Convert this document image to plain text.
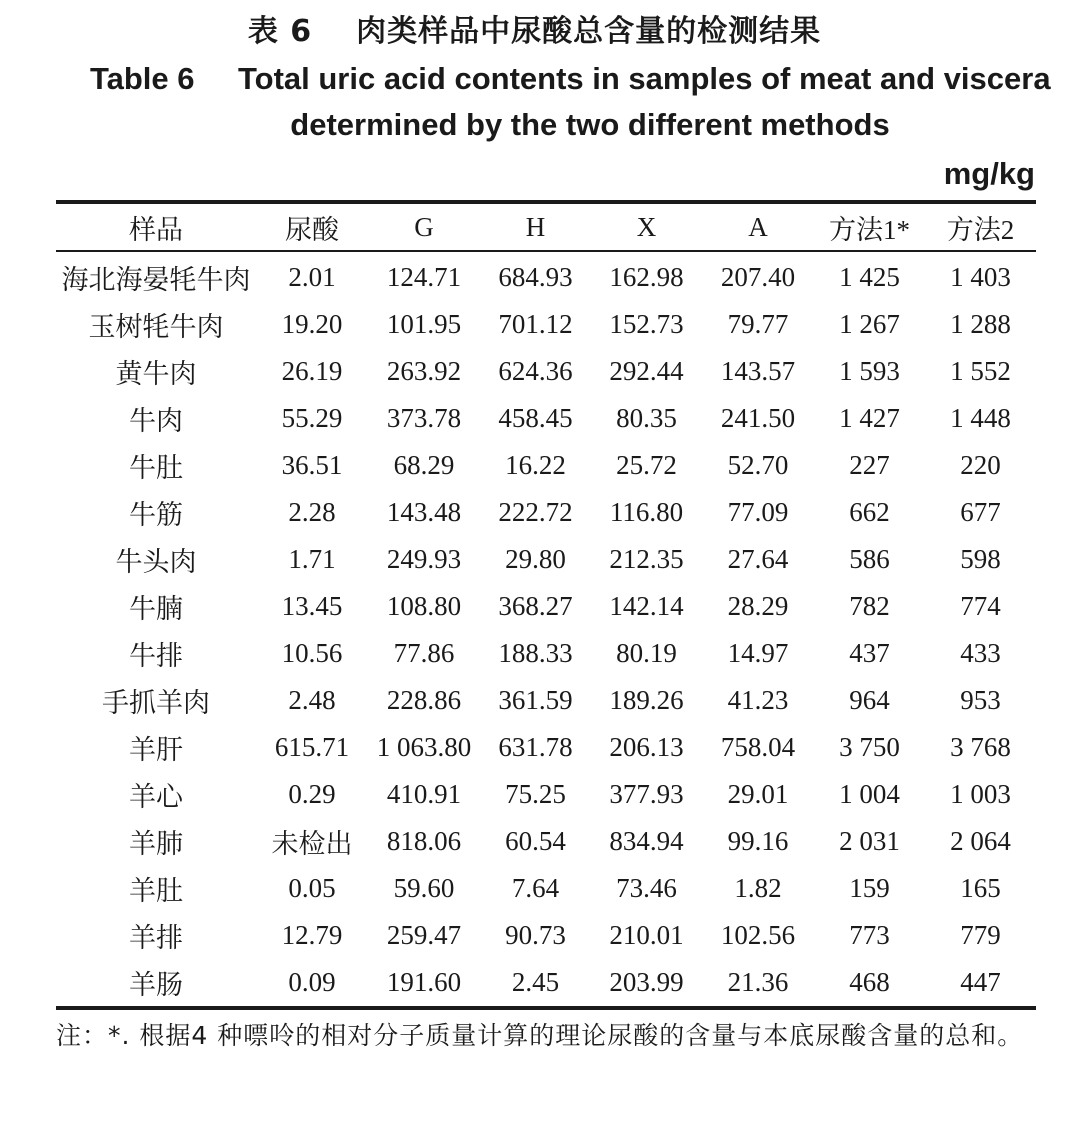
表 6 肉类样品中尿酸总含量的检测结果
Table 6 Total uric acid contents in samples of meat and viscera
determined by the two different methods
mg/kg
样品	尿酸	G	H	X	A	方法1*	方法2
海北海晏牦牛肉	2.01	124.71	684.93	162.98	207.40	1 425	1 403
玉树牦牛肉	19.20	101.95	701.12	152.73	79.77	1 267	1 288
黄牛肉	26.19	263.92	624.36	292.44	143.57	1 593	1 552
牛肉	55.29	373.78	458.45	80.35	241.50	1 427	1 448
牛肚	36.51	68.29	16.22	25.72	52.70	227	220
牛筋	2.28	143.48	222.72	116.80	77.09	662	677
牛头肉	1.71	249.93	29.80	212.35	27.64	586	598
牛腩	13.45	108.80	368.27	142.14	28.29	782	774
牛排	10.56	77.86	188.33	80.19	14.97	437	433
手抓羊肉	2.48	228.86	361.59	189.26	41.23	964	953
羊肝	615.71	1 063.80	631.78	206.13	758.04	3 750	3 768
羊心	0.29	410.91	75.25	377.93	29.01	1 004	1 003
羊肺	未检出	818.06	60.54	834.94	99.16	2 031	2 064
羊肚	0.05	59.60	7.64	73.46	1.82	159	165
羊排	12.79	259.47	90.73	210.01	102.56	773	779
羊肠	0.09	191.60	2.45	203.99	21.36	468	447
注：*. 根据4 种嘌呤的相对分子质量计算的理论尿酸的含量与本底尿酸含量的总和。
